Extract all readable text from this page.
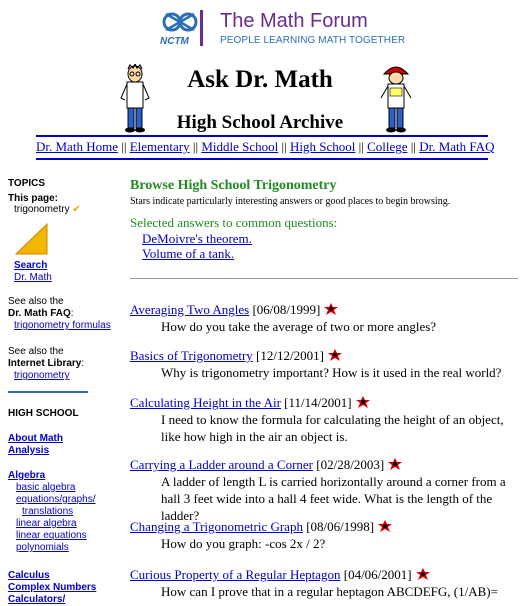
NCTM
The Math Forum
PEOPLE LEARNING MATH TOGETHER
Ask Dr. Math
High School Archive
Dr. Math Home || Elementary || Middle School || High School || College || Dr. Math FAQ
TOPICS
This page:
trigonometry ✔
Search
Dr. Math
See also the
Dr. Math FAQ:
trigonometry formulas
See also the
Internet Library:
trigonometry
HIGH SCHOOL
About Math
Analysis
Algebra
basic algebra
equations/graphs/
translations
linear algebra
linear equations
polynomials
Calculus
Complex Numbers
Calculators/
Browse High School Trigonometry
Stars indicate particularly interesting answers or good places to begin browsing.
Selected answers to common questions:
DeMoivre's theorem.
Volume of a tank.
Averaging Two Angles [06/08/1999]
How do you take the average of two or more angles?
Basics of Trigonometry [12/12/2001]
Why is trigonometry important? How is it used in the real world?
Calculating Height in the Air [11/14/2001]
I need to know the formula for calculating the height of an object, like how high in the air an object is.
Carrying a Ladder around a Corner [02/28/2003]
A ladder of length L is carried horizontally around a corner from a hall 3 feet wide into a hall 4 feet wide. What is the length of the ladder?
Changing a Trigonometric Graph [08/06/1998]
How do you graph: -cos 2x / 2?
Curious Property of a Regular Heptagon [04/06/2001]
How can I prove that in a regular heptagon ABCDEFG, (1/AB)=
